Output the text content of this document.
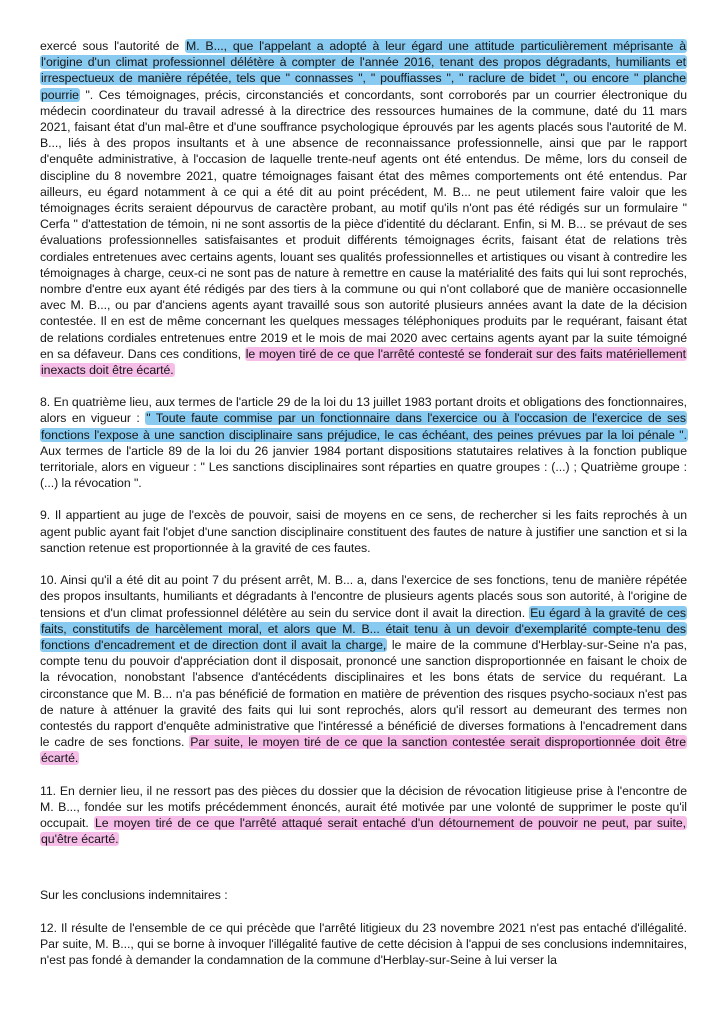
exercé sous l'autorité de M. B..., que l'appelant a adopté à leur égard une attitude particulièrement méprisante à l'origine d'un climat professionnel délétère à compter de l'année 2016, tenant des propos dégradants, humiliants et irrespectueux de manière répétée, tels que " connasses ", " pouffiasses ", " raclure de bidet ", ou encore " planche pourrie ". Ces témoignages, précis, circonstanciés et concordants, sont corroborés par un courrier électronique du médecin coordinateur du travail adressé à la directrice des ressources humaines de la commune, daté du 11 mars 2021, faisant état d'un mal-être et d'une souffrance psychologique éprouvés par les agents placés sous l'autorité de M. B..., liés à des propos insultants et à une absence de reconnaissance professionnelle, ainsi que par le rapport d'enquête administrative, à l'occasion de laquelle trente-neuf agents ont été entendus. De même, lors du conseil de discipline du 8 novembre 2021, quatre témoignages faisant état des mêmes comportements ont été entendus. Par ailleurs, eu égard notamment à ce qui a été dit au point précédent, M. B... ne peut utilement faire valoir que les témoignages écrits seraient dépourvus de caractère probant, au motif qu'ils n'ont pas été rédigés sur un formulaire " Cerfa " d'attestation de témoin, ni ne sont assortis de la pièce d'identité du déclarant. Enfin, si M. B... se prévaut de ses évaluations professionnelles satisfaisantes et produit différents témoignages écrits, faisant état de relations très cordiales entretenues avec certains agents, louant ses qualités professionnelles et artistiques ou visant à contredire les témoignages à charge, ceux-ci ne sont pas de nature à remettre en cause la matérialité des faits qui lui sont reprochés, nombre d'entre eux ayant été rédigés par des tiers à la commune ou qui n'ont collaboré que de manière occasionnelle avec M. B..., ou par d'anciens agents ayant travaillé sous son autorité plusieurs années avant la date de la décision contestée. Il en est de même concernant les quelques messages téléphoniques produits par le requérant, faisant état de relations cordiales entretenues entre 2019 et le mois de mai 2020 avec certains agents ayant par la suite témoigné en sa défaveur. Dans ces conditions, le moyen tiré de ce que l'arrêté contesté se fonderait sur des faits matériellement inexacts doit être écarté.

8. En quatrième lieu, aux termes de l'article 29 de la loi du 13 juillet 1983 portant droits et obligations des fonctionnaires, alors en vigueur : " Toute faute commise par un fonctionnaire dans l'exercice ou à l'occasion de l'exercice de ses fonctions l'expose à une sanction disciplinaire sans préjudice, le cas échéant, des peines prévues par la loi pénale ". Aux termes de l'article 89 de la loi du 26 janvier 1984 portant dispositions statutaires relatives à la fonction publique territoriale, alors en vigueur : " Les sanctions disciplinaires sont réparties en quatre groupes : (...) ; Quatrième groupe : (...) la révocation ".

9. Il appartient au juge de l'excès de pouvoir, saisi de moyens en ce sens, de rechercher si les faits reprochés à un agent public ayant fait l'objet d'une sanction disciplinaire constituent des fautes de nature à justifier une sanction et si la sanction retenue est proportionnée à la gravité de ces fautes.

10. Ainsi qu'il a été dit au point 7 du présent arrêt, M. B... a, dans l'exercice de ses fonctions, tenu de manière répétée des propos insultants, humiliants et dégradants à l'encontre de plusieurs agents placés sous son autorité, à l'origine de tensions et d'un climat professionnel délétère au sein du service dont il avait la direction. Eu égard à la gravité de ces faits, constitutifs de harcèlement moral, et alors que M. B... était tenu à un devoir d'exemplarité compte-tenu des fonctions d'encadrement et de direction dont il avait la charge, le maire de la commune d'Herblay-sur-Seine n'a pas, compte tenu du pouvoir d'appréciation dont il disposait, prononcé une sanction disproportionnée en faisant le choix de la révocation, nonobstant l'absence d'antécédents disciplinaires et les bons états de service du requérant. La circonstance que M. B... n'a pas bénéficié de formation en matière de prévention des risques psycho-sociaux n'est pas de nature à atténuer la gravité des faits qui lui sont reprochés, alors qu'il ressort au demeurant des termes non contestés du rapport d'enquête administrative que l'intéressé a bénéficié de diverses formations à l'encadrement dans le cadre de ses fonctions. Par suite, le moyen tiré de ce que la sanction contestée serait disproportionnée doit être écarté.

11. En dernier lieu, il ne ressort pas des pièces du dossier que la décision de révocation litigieuse prise à l'encontre de M. B..., fondée sur les motifs précédemment énoncés, aurait été motivée par une volonté de supprimer le poste qu'il occupait. Le moyen tiré de ce que l'arrêté attaqué serait entaché d'un détournement de pouvoir ne peut, par suite, qu'être écarté.

Sur les conclusions indemnitaires :

12. Il résulte de l'ensemble de ce qui précède que l'arrêté litigieux du 23 novembre 2021 n'est pas entaché d'illégalité. Par suite, M. B..., qui se borne à invoquer l'illégalité fautive de cette décision à l'appui de ses conclusions indemnitaires, n'est pas fondé à demander la condamnation de la commune d'Herblay-sur-Seine à lui verser la
